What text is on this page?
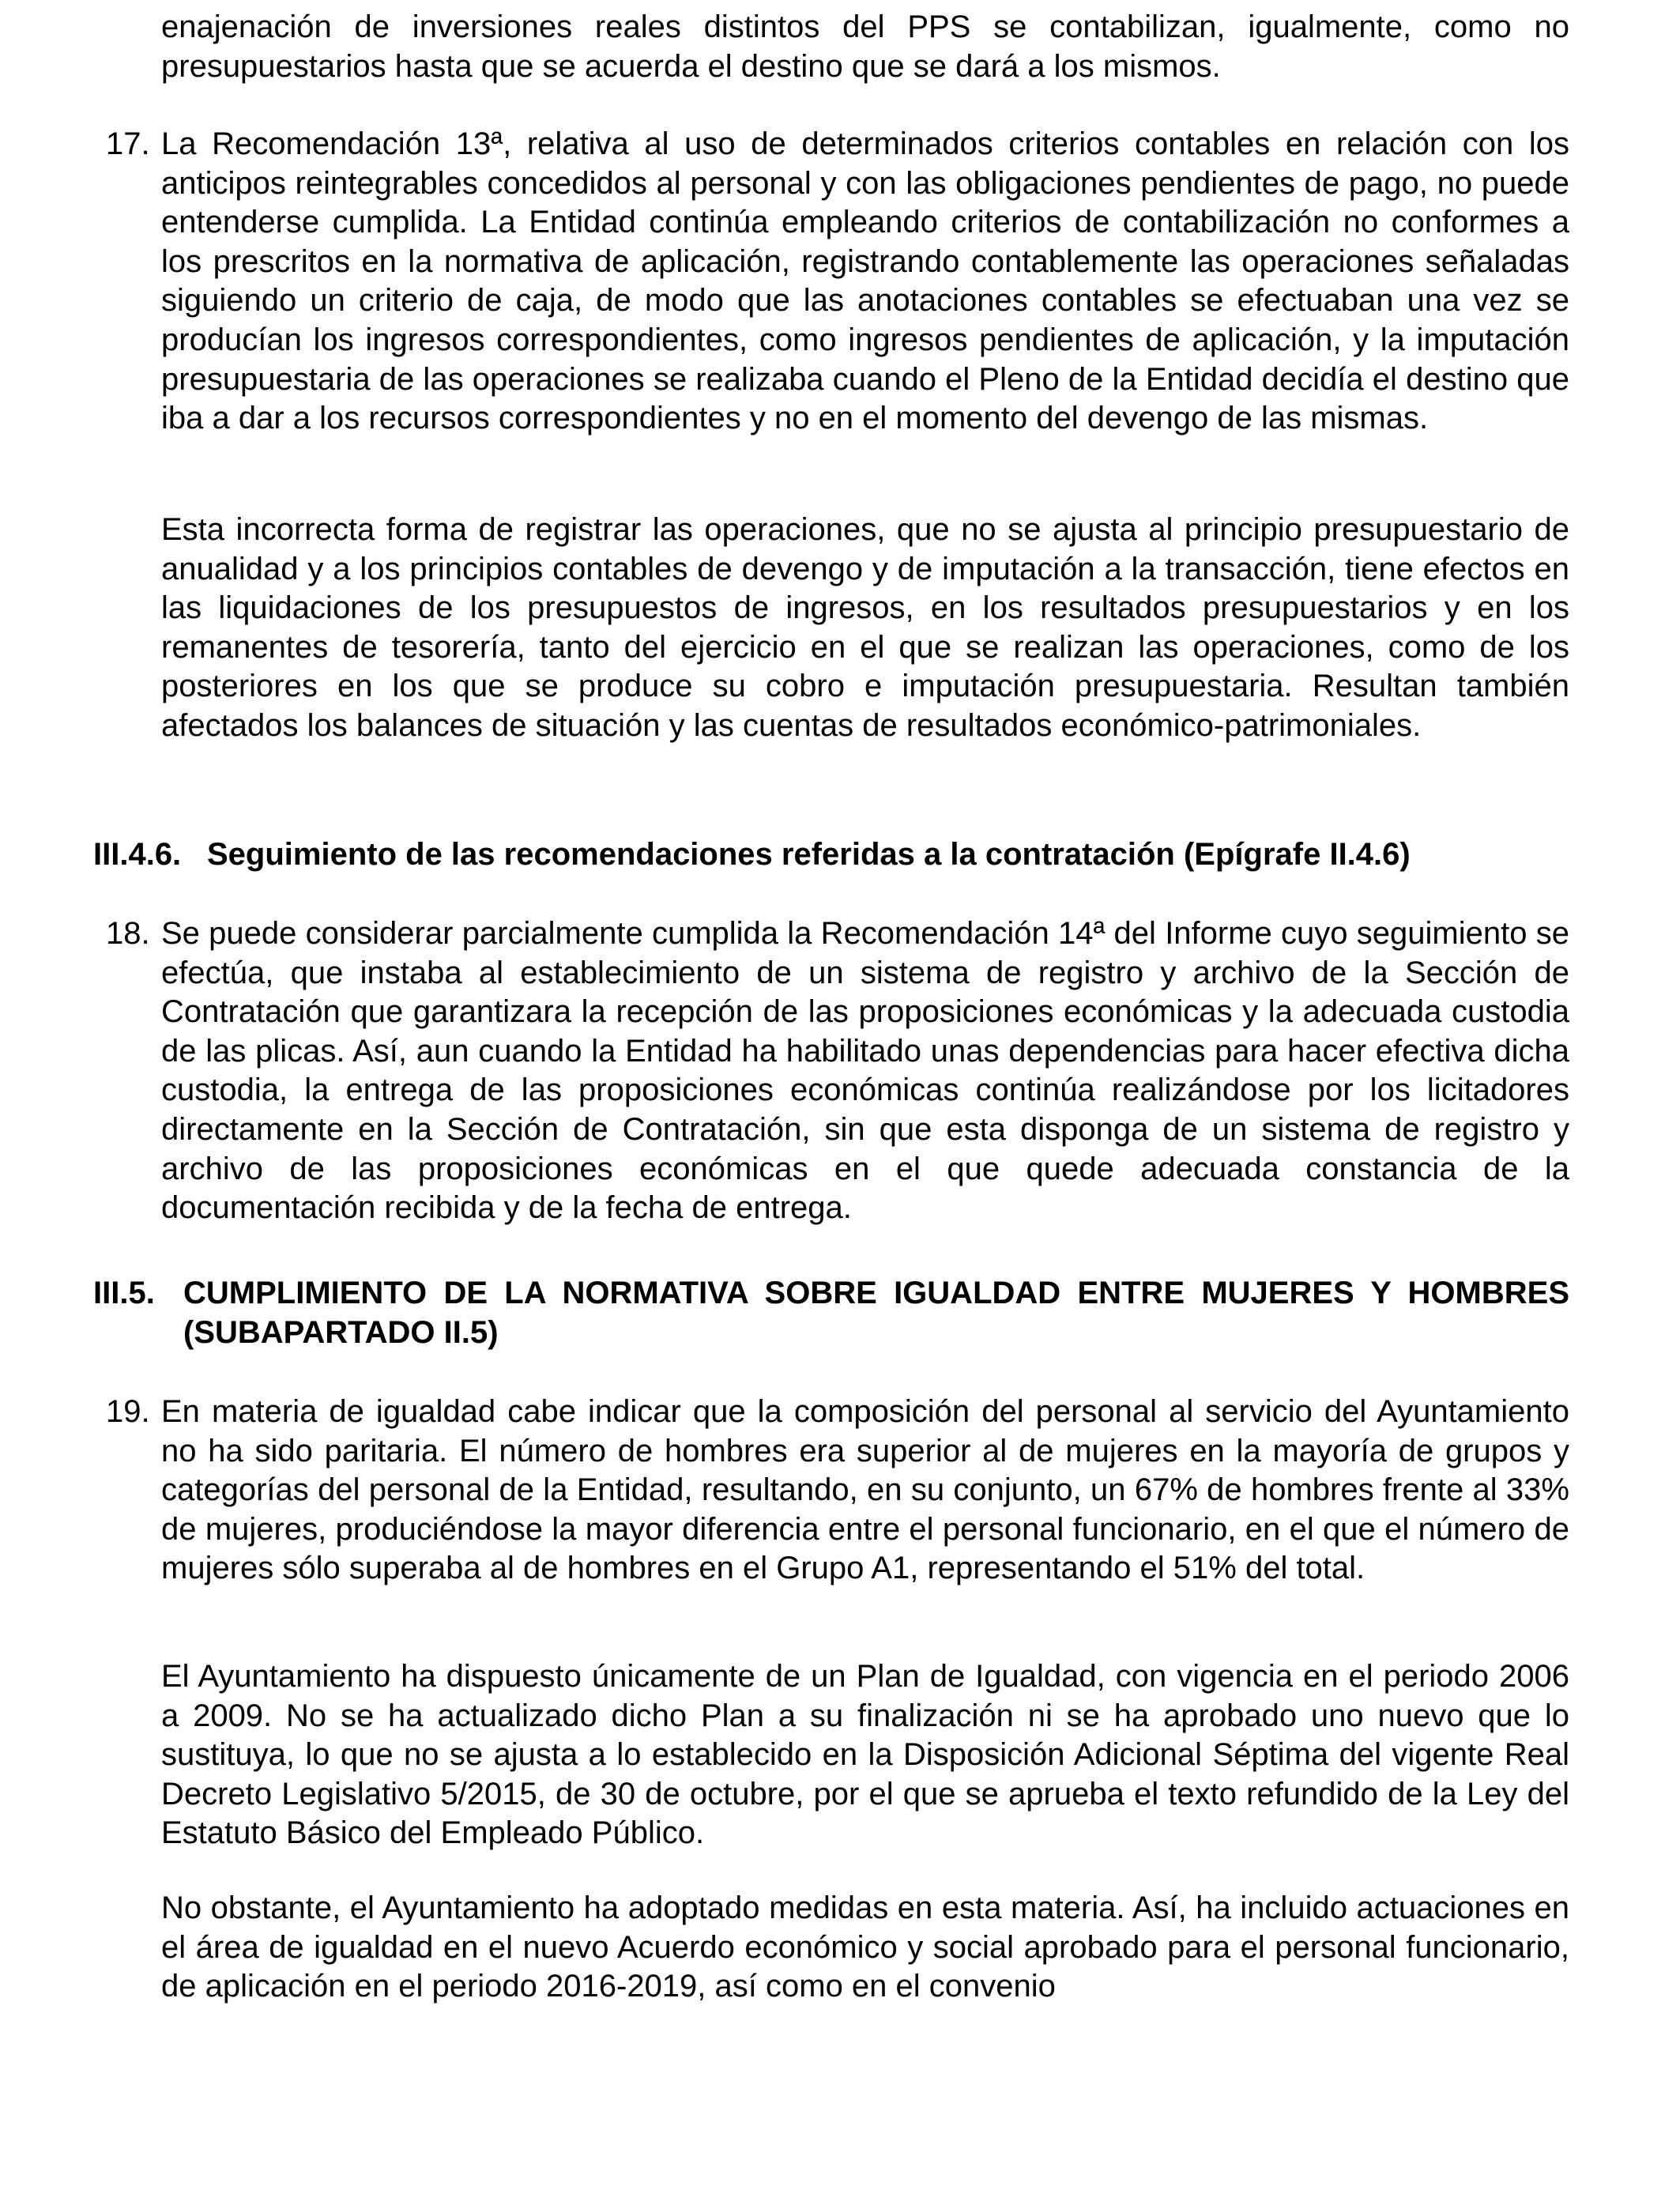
enajenación de inversiones reales distintos del PPS se contabilizan, igualmente, como no presupuestarios hasta que se acuerda el destino que se dará a los mismos.

17. La Recomendación 13ª, relativa al uso de determinados criterios contables en relación con los anticipos reintegrables concedidos al personal y con las obligaciones pendientes de pago, no puede entenderse cumplida. La Entidad continúa empleando criterios de contabilización no conformes a los prescritos en la normativa de aplicación, registrando contablemente las operaciones señaladas siguiendo un criterio de caja, de modo que las anotaciones contables se efectuaban una vez se producían los ingresos correspondientes, como ingresos pendientes de aplicación, y la imputación presupuestaria de las operaciones se realizaba cuando el Pleno de la Entidad decidía el destino que iba a dar a los recursos correspondientes y no en el momento del devengo de las mismas.

Esta incorrecta forma de registrar las operaciones, que no se ajusta al principio presupuestario de anualidad y a los principios contables de devengo y de imputación a la transacción, tiene efectos en las liquidaciones de los presupuestos de ingresos, en los resultados presupuestarios y en los remanentes de tesorería, tanto del ejercicio en el que se realizan las operaciones, como de los posteriores en los que se produce su cobro e imputación presupuestaria. Resultan también afectados los balances de situación y las cuentas de resultados económico-patrimoniales.

III.4.6. Seguimiento de las recomendaciones referidas a la contratación (Epígrafe II.4.6)

18. Se puede considerar parcialmente cumplida la Recomendación 14ª del Informe cuyo seguimiento se efectúa, que instaba al establecimiento de un sistema de registro y archivo de la Sección de Contratación que garantizara la recepción de las proposiciones económicas y la adecuada custodia de las plicas. Así, aun cuando la Entidad ha habilitado unas dependencias para hacer efectiva dicha custodia, la entrega de las proposiciones económicas continúa realizándose por los licitadores directamente en la Sección de Contratación, sin que esta disponga de un sistema de registro y archivo de las proposiciones económicas en el que quede adecuada constancia de la documentación recibida y de la fecha de entrega.

III.5. CUMPLIMIENTO DE LA NORMATIVA SOBRE IGUALDAD ENTRE MUJERES Y HOMBRES (SUBAPARTADO II.5)

19. En materia de igualdad cabe indicar que la composición del personal al servicio del Ayuntamiento no ha sido paritaria. El número de hombres era superior al de mujeres en la mayoría de grupos y categorías del personal de la Entidad, resultando, en su conjunto, un 67% de hombres frente al 33% de mujeres, produciéndose la mayor diferencia entre el personal funcionario, en el que el número de mujeres sólo superaba al de hombres en el Grupo A1, representando el 51% del total.

El Ayuntamiento ha dispuesto únicamente de un Plan de Igualdad, con vigencia en el periodo 2006 a 2009. No se ha actualizado dicho Plan a su finalización ni se ha aprobado uno nuevo que lo sustituya, lo que no se ajusta a lo establecido en la Disposición Adicional Séptima del vigente Real Decreto Legislativo 5/2015, de 30 de octubre, por el que se aprueba el texto refundido de la Ley del Estatuto Básico del Empleado Público.

No obstante, el Ayuntamiento ha adoptado medidas en esta materia. Así, ha incluido actuaciones en el área de igualdad en el nuevo Acuerdo económico y social aprobado para el personal funcionario, de aplicación en el periodo 2016-2019, así como en el convenio
